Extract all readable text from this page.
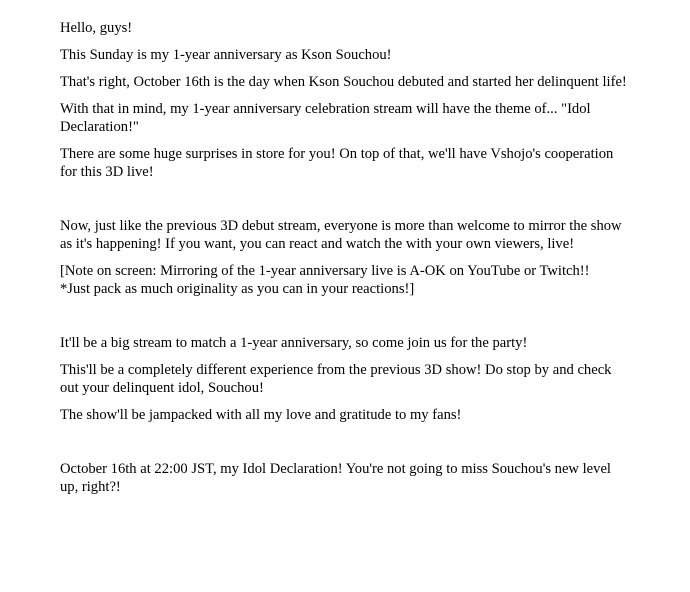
Hello, guys!

This Sunday is my 1-year anniversary as Kson Souchou!

That's right, October 16th is the day when Kson Souchou debuted and started her delinquent life!

With that in mind, my 1-year anniversary celebration stream will have the theme of... "Idol Declaration!"

There are some huge surprises in store for you! On top of that, we'll have Vshojo's cooperation for this 3D live!

Now, just like the previous 3D debut stream, everyone is more than welcome to mirror the show as it's happening! If you want, you can react and watch the with your own viewers, live!

[Note on screen: Mirroring of the 1-year anniversary live is A-OK on YouTube or Twitch!!
*Just pack as much originality as you can in your reactions!]

It'll be a big stream to match a 1-year anniversary, so come join us for the party!

This'll be a completely different experience from the previous 3D show! Do stop by and check out your delinquent idol, Souchou!

The show'll be jampacked with all my love and gratitude to my fans!

October 16th at 22:00 JST, my Idol Declaration! You're not going to miss Souchou's new level up, right?!
